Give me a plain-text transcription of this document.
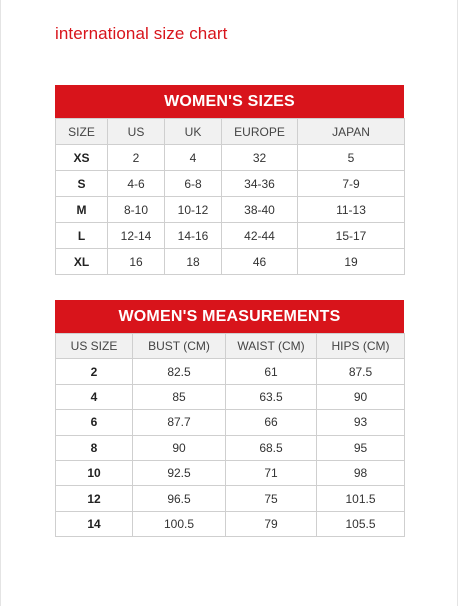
international size chart
WOMEN'S SIZES
SIZE	US	UK	EUROPE	JAPAN
XS	2	4	32	5
S	4-6	6-8	34-36	7-9
M	8-10	10-12	38-40	11-13
L	12-14	14-16	42-44	15-17
XL	16	18	46	19
WOMEN'S MEASUREMENTS
US SIZE	BUST (CM)	WAIST (CM)	HIPS (CM)
2	82.5	61	87.5
4	85	63.5	90
6	87.7	66	93
8	90	68.5	95
10	92.5	71	98
12	96.5	75	101.5
14	100.5	79	105.5
